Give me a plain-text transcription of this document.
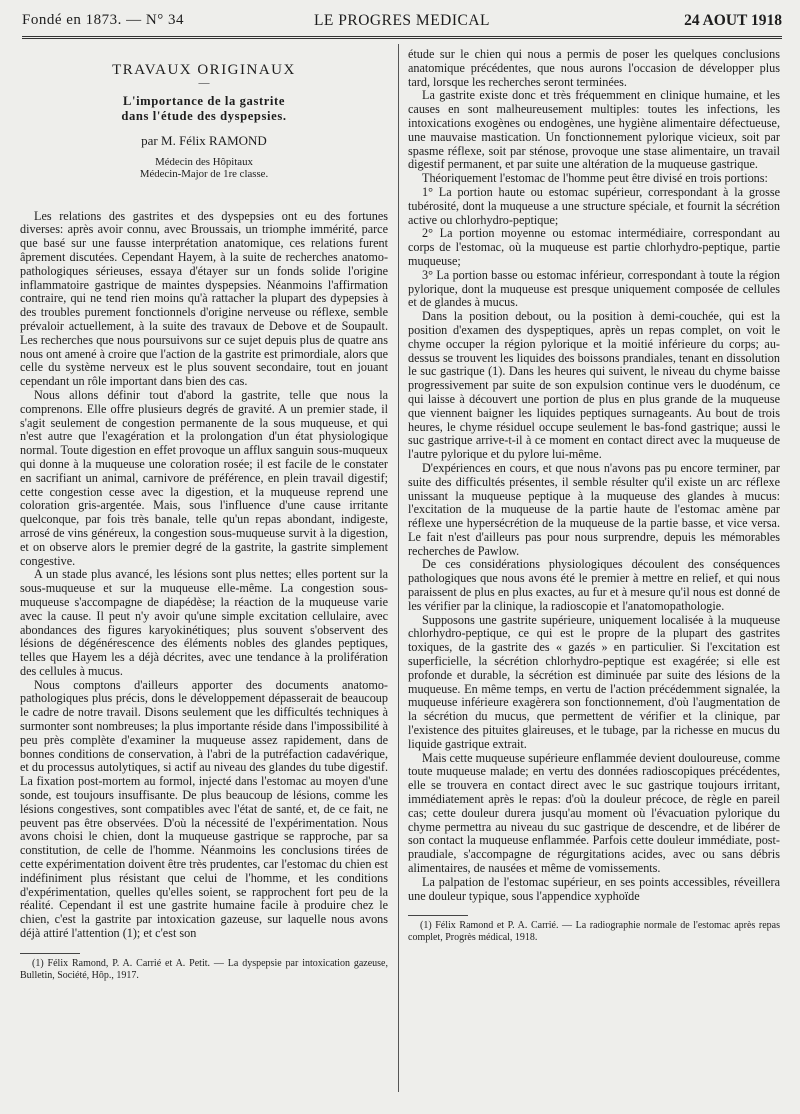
LE PROGRES MEDICAL
Fondé en 1873. — N° 34	24 AOUT 1918
TRAVAUX ORIGINAUX
—
L'importance de la gastrite
dans l'étude des dyspepsies.
par M. Félix RAMOND
Médecin des Hôpitaux
Médecin-Major de 1re classe.

Les relations des gastrites et des dyspepsies ont eu des fortunes diverses: après avoir connu, avec Broussais, un triomphe immérité, parce que basé sur une fausse interprétation anatomique, ces relations furent âprement discutées. Cependant Hayem, à la suite de recherches anatomo-pathologiques sérieuses, essaya d'étayer sur un fonds solide l'origine inflammatoire gastrique de maintes dyspepsies. Néanmoins l'affirmation contraire, qui ne tend rien moins qu'à rattacher la plupart des dypepsies à des troubles purement fonctionnels d'origine nerveuse ou réflexe, semble prévaloir actuellement, à la suite des travaux de Debove et de Soupault. Les recherches que nous poursuivons sur ce sujet depuis plus de quatre ans nous ont amené à croire que l'action de la gastrite est primordiale, alors que celle du système nerveux est le plus souvent secondaire, tout en jouant cependant un rôle important dans bien des cas.

Nous allons définir tout d'abord la gastrite, telle que nous la comprenons. Elle offre plusieurs degrés de gravité. A un premier stade, il s'agit seulement de congestion permanente de la sous muqueuse, et qui n'est autre que l'exagération et la prolongation d'un état physiologique normal. Toute digestion en effet provoque un afflux sanguin sous-muqueux qui donne à la muqueuse une coloration rosée; il est facile de le constater en sacrifiant un animal, carnivore de préférence, en plein travail digestif; cette congestion cesse avec la digestion, et la muqueuse reprend une coloration gris-argentée. Mais, sous l'influence d'une cause irritante quelconque, par fois très banale, telle qu'un repas abondant, indigeste, arrosé de vins généreux, la congestion sous-muqueuse survit à la digestion, et on observe alors le premier degré de la gastrite, la gastrite simplement congestive.

A un stade plus avancé, les lésions sont plus nettes; elles portent sur la sous-muqueuse et sur la muqueuse elle-même. La congestion sous-muqueuse s'accompagne de diapédèse; la réaction de la muqueuse varie avec la cause. Il peut n'y avoir qu'une simple excitation cellulaire, avec abondances des figures karyokinétiques; plus souvent s'observent des lésions de dégénérescence des éléments nobles des glandes peptiques, telles que Hayem les a déjà décrites, avec une tendance à la prolifération des cellules à mucus.

Nous comptons d'ailleurs apporter des documents anatomo-pathologiques plus précis, dons le développement dépasserait de beaucoup le cadre de notre travail. Disons seulement que les difficultés techniques à surmonter sont nombreuses; la plus importante réside dans l'impossibilité à peu près complète d'examiner la muqueuse assez rapidement, dans de bonnes conditions de conservation, à l'abri de la putréfaction cadavérique, et du processus autolytiques, si actif au niveau des glandes du tube digestif. La fixation post-mortem au formol, injecté dans l'estomac au moyen d'une sonde, est toujours insuffisante. De plus beaucoup de lésions, comme les lésions congestives, sont compatibles avec l'état de santé, et, de ce fait, ne peuvent pas être observées. D'où la nécessité de l'expérimentation. Nous avons choisi le chien, dont la muqueuse gastrique se rapproche, par sa constitution, de celle de l'homme. Néanmoins les conclusions tirées de cette expérimentation doivent être très prudentes, car l'estomac du chien est indéfiniment plus résistant que celui de l'homme, et les conditions d'expérimentation, quelles qu'elles soient, se rapprochent fort peu de la réalité. Cependant il est une gastrite humaine facile à produire chez le chien, c'est la gastrite par intoxication gazeuse, sur laquelle nous avons déjà attiré l'attention (1); et c'est son

(1) Félix Ramond, P. A. Carrié et A. Petit. — La dyspepsie par intoxication gazeuse, Bulletin, Société, Hôp., 1917.

étude sur le chien qui nous a permis de poser les quelques conclusions anatomique précédentes, que nous aurons l'occasion de développer plus tard, lorsque les recherches seront terminées.

La gastrite existe donc et très fréquemment en clinique humaine, et les causes en sont malheureusement multiples: toutes les infections, les intoxications exogènes ou endogènes, une hygiène alimentaire défectueuse, une mauvaise mastication. Un fonctionnement pylorique vicieux, soit par spasme réflexe, soit par sténose, provoque une stase alimentaire, un travail digestif permanent, et par suite une altération de la muqueuse gastrique.

Théoriquement l'estomac de l'homme peut être divisé en trois portions:

1° La portion haute ou estomac supérieur, correspondant à la grosse tubérosité, dont la muqueuse a une structure spéciale, et fournit la sécrétion active ou chlorhydro-peptique;

2° La portion moyenne ou estomac intermédiaire, correspondant au corps de l'estomac, où la muqueuse est partie chlorhydro-peptique, partie muqueuse;

3° La portion basse ou estomac inférieur, correspondant à toute la région pylorique, dont la muqueuse est presque uniquement composée de cellules et de glandes à mucus.

Dans la position debout, ou la position à demi-couchée, qui est la position d'examen des dyspeptiques, après un repas complet, on voit le chyme occuper la région pylorique et la moitié inférieure du corps; au-dessus se trouvent les liquides des boissons prandiales, tenant en dissolution le suc gastrique (1). Dans les heures qui suivent, le niveau du chyme baisse progressivement par suite de son expulsion continue vers le duodénum, ce qui laisse à découvert une portion de plus en plus grande de la muqueuse que viennent baigner les liquides peptiques surnageants. Au bout de trois heures, le chyme résiduel occupe seulement le bas-fond gastrique; aussi le suc gastrique arrive-t-il à ce moment en contact direct avec la muqueuse de l'autre pylorique et du pylore lui-même.

D'expériences en cours, et que nous n'avons pas pu encore terminer, par suite des difficultés présentes, il semble résulter qu'il existe un arc réflexe unissant la muqueuse peptique à la muqueuse des glandes à mucus: l'excitation de la muqueuse de la partie haute de l'estomac amène par réflexe une hypersécrétion de la muqueuse de la partie basse, et vice versa. Le fait n'est d'ailleurs pas pour nous surprendre, depuis les mémorables recherches de Pawlow.

De ces considérations physiologiques découlent des conséquences pathologiques que nous avons été le premier à mettre en relief, et qui nous paraissent de plus en plus exactes, au fur et à mesure qu'il nous est donné de les vérifier par la clinique, la radioscopie et l'anatomopathologie.

Supposons une gastrite supérieure, uniquement localisée à la muqueuse chlorhydro-peptique, ce qui est le propre de la plupart des gastrites toxiques, de la gastrite des « gazés » en particulier. Si l'excitation est superficielle, la sécrétion chlorhydro-peptique est exagérée; si elle est profonde et durable, la sécrétion est diminuée par suite des lésions de la muqueuse. En même temps, en vertu de l'action précédemment signalée, la muqueuse inférieure exagèrera son fonctionnement, d'où l'augmentation de la sécrétion du mucus, que permettent de vérifier et la clinique, par l'existence des pituites glaireuses, et le tubage, par la richesse en mucus du liquide gastrique extrait.

Mais cette muqueuse supérieure enflammée devient douloureuse, comme toute muqueuse malade; en vertu des données radioscopiques précédentes, elle se trouvera en contact direct avec le suc gastrique toujours irritant, immédiatement après le repas: d'où la douleur précoce, de règle en pareil cas; cette douleur durera jusqu'au moment où l'évacuation pylorique du chyme permettra au niveau du suc gastrique de descendre, et de libérer de son contact la muqueuse enflammée. Parfois cette douleur immédiate, post-praudiale, s'accompagne de régurgitations acides, avec ou sans débris alimentaires, de nausées et même de vomissements.

La palpation de l'estomac supérieur, en ses points accessibles, réveillera une douleur typique, sous l'appendice xyphoïde

(1) Félix Ramond et P. A. Carrié. — La radiographie normale de l'estomac après repas complet, Progrès médical, 1918.
